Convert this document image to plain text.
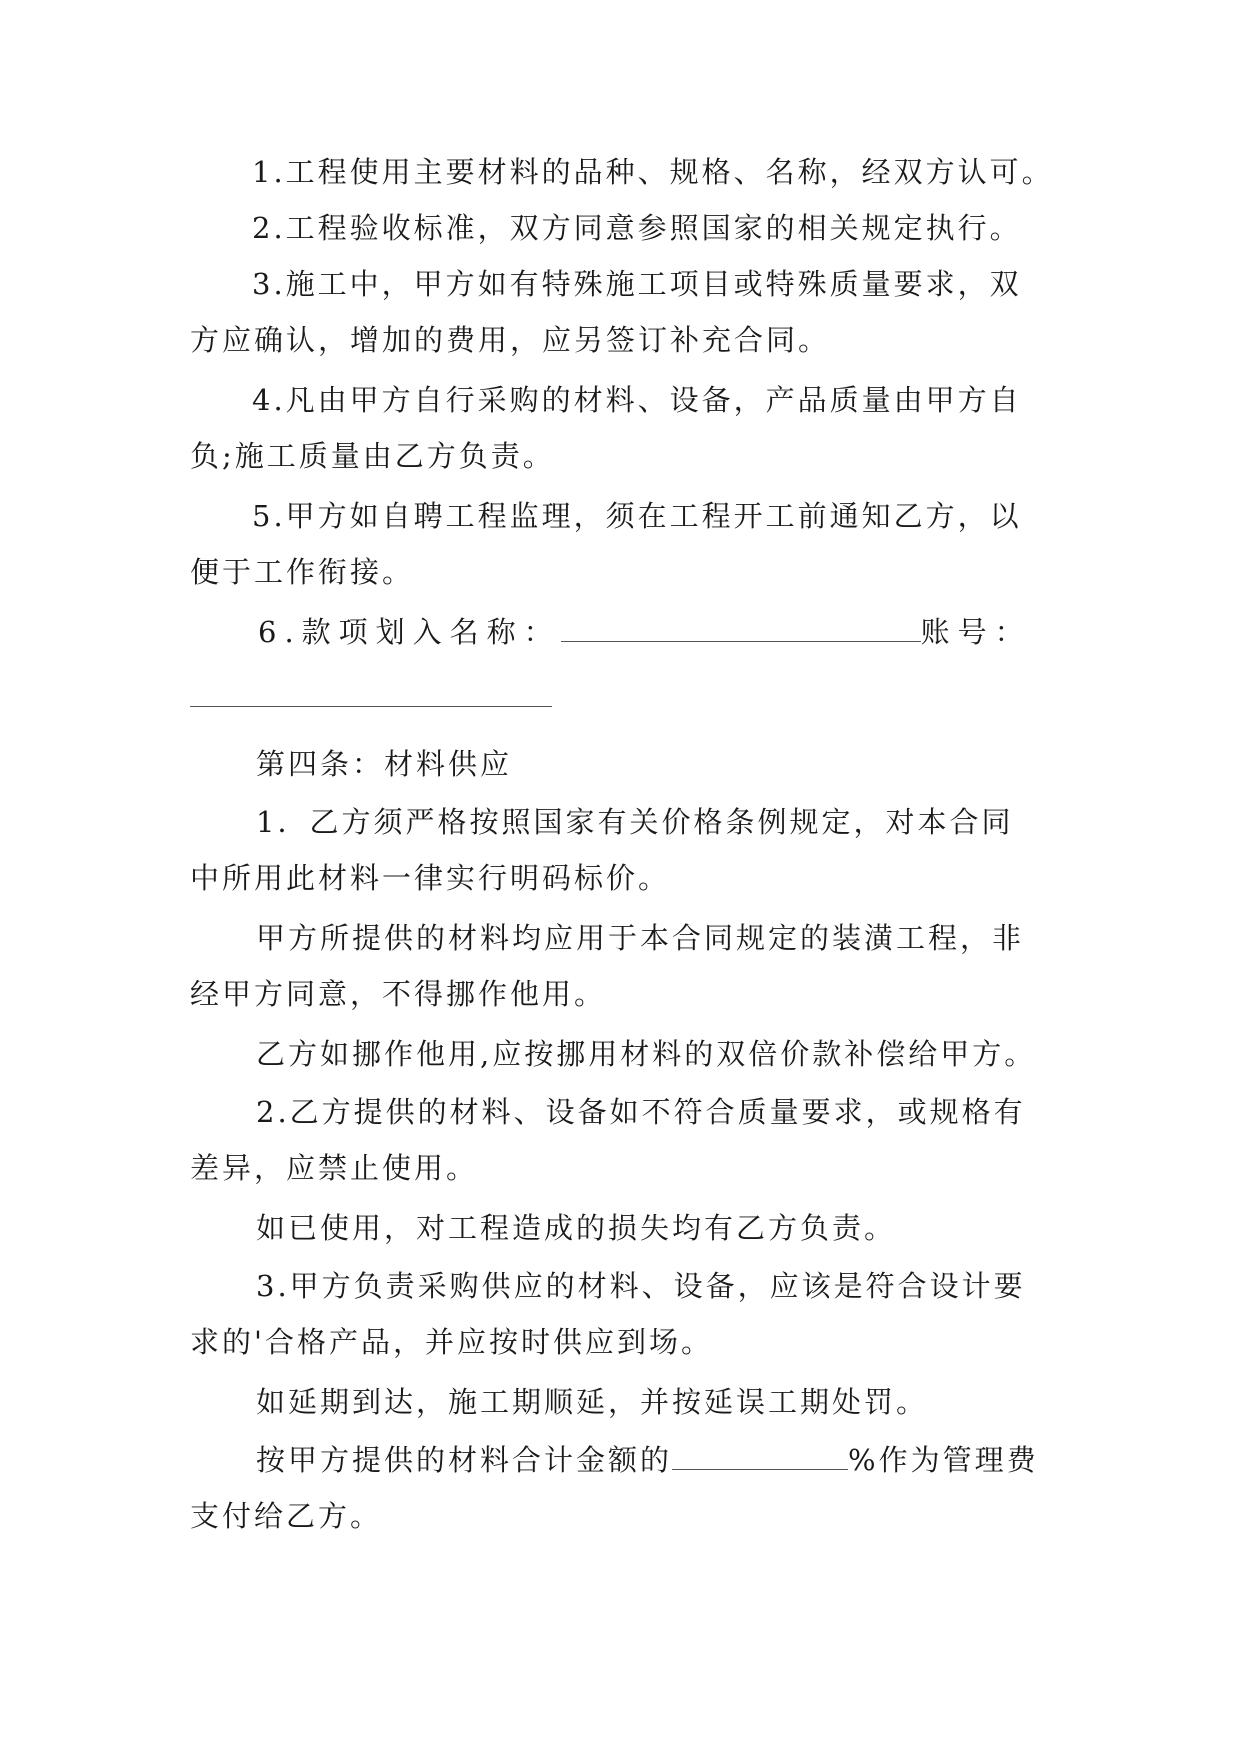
1.工程使用主要材料的品种、规格、名称，经双方认可。
2.工程验收标准，双方同意参照国家的相关规定执行。
3.施工中，甲方如有特殊施工项目或特殊质量要求，双
方应确认，增加的费用，应另签订补充合同。
4.凡由甲方自行采购的材料、设备，产品质量由甲方自
负;施工质量由乙方负责。
5.甲方如自聘工程监理，须在工程开工前通知乙方，以
便于工作衔接。
6.款项划入名称：	账号：
第四条：材料供应
1．乙方须严格按照国家有关价格条例规定，对本合同
中所用此材料一律实行明码标价。
甲方所提供的材料均应用于本合同规定的装潢工程，非
经甲方同意，不得挪作他用。
乙方如挪作他用,应按挪用材料的双倍价款补偿给甲方。
2.乙方提供的材料、设备如不符合质量要求，或规格有
差异，应禁止使用。
如已使用，对工程造成的损失均有乙方负责。
3.甲方负责采购供应的材料、设备，应该是符合设计要
求的'合格产品，并应按时供应到场。
如延期到达，施工期顺延，并按延误工期处罚。
按甲方提供的材料合计金额的	%作为管理费
支付给乙方。
